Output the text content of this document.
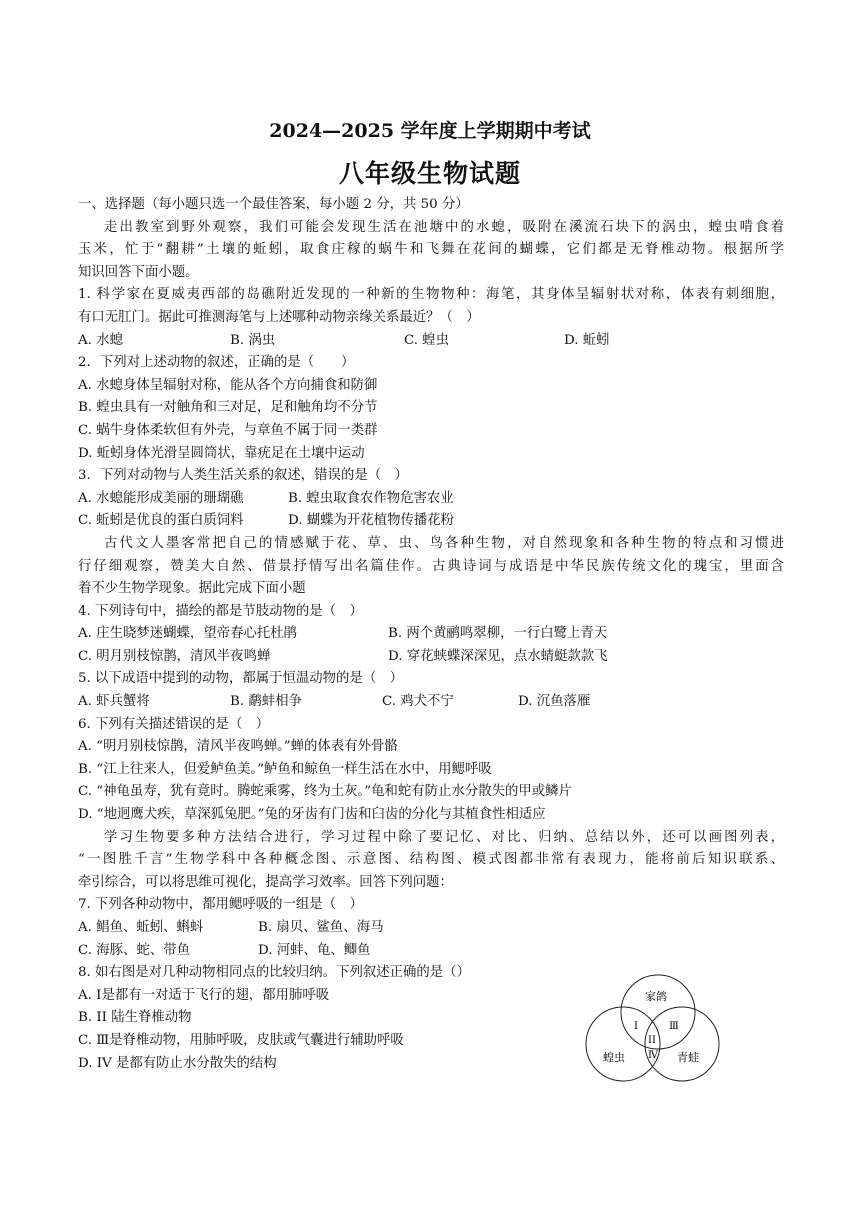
2024—2025 学年度上学期期中考试
八年级生物试题
一、选择题（每小题只选一个最佳答案，每小题 2 分，共 50 分）
走出教室到野外观察，我们可能会发现生活在池塘中的水螅，吸附在溪流石块下的涡虫，蝗虫啃食着
玉米，忙于“翻耕”土壤的蚯蚓，取食庄稼的蜗牛和飞舞在花间的蝴蝶，它们都是无脊椎动物。根据所学
知识回答下面小题。
1. 科学家在夏威夷西部的岛礁附近发现的一种新的生物物种：海笔，其身体呈辐射状对称，体表有刺细胞，
有口无肛门。据此可推测海笔与上述哪种动物亲缘关系最近？（　）
A. 水螅	B. 涡虫	C. 蝗虫	D. 蚯蚓
2．下列对上述动物的叙述，正确的是（　　）
A. 水螅身体呈辐射对称，能从各个方向捕食和防御
B. 蝗虫具有一对触角和三对足，足和触角均不分节
C. 蜗牛身体柔软但有外壳，与章鱼不属于同一类群
D. 蚯蚓身体光滑呈圆筒状，靠疣足在土壤中运动
3．下列对动物与人类生活关系的叙述，错误的是（　）
A. 水螅能形成美丽的珊瑚礁	B. 蝗虫取食农作物危害农业
C. 蚯蚓是优良的蛋白质饲料	D. 蝴蝶为开花植物传播花粉
古代文人墨客常把自己的情感赋于花、草、虫、鸟各种生物，对自然现象和各种生物的特点和习惯进
行仔细观察，赞美大自然、借景抒情写出名篇佳作。古典诗词与成语是中华民族传统文化的瑰宝，里面含
着不少生物学现象。据此完成下面小题
4. 下列诗句中，描绘的都是节肢动物的是（　）
A. 庄生晓梦迷蝴蝶，望帝春心托杜鹃	B. 两个黄鹂鸣翠柳，一行白鹭上青天
C. 明月别枝惊鹊，清风半夜鸣蝉	D. 穿花蛱蝶深深见，点水蜻蜓款款飞
5. 以下成语中提到的动物，都属于恒温动物的是（　）
A. 虾兵蟹将	B. 鹬蚌相争	C. 鸡犬不宁	D. 沉鱼落雁
6. 下列有关描述错误的是（　）
A. “明月别枝惊鹊，清风半夜鸣蝉。”蝉的体表有外骨骼
B. “江上往来人，但爱鲈鱼美。”鲈鱼和鲸鱼一样生活在水中，用鳃呼吸
C. “神龟虽寿，犹有竟时。腾蛇乘雾，终为土灰。”龟和蛇有防止水分散失的甲或鳞片
D. “地迥鹰犬疾，草深狐兔肥。”兔的牙齿有门齿和臼齿的分化与其植食性相适应
学习生物要多种方法结合进行，学习过程中除了要记忆、对比、归纳、总结以外，还可以画图列表，
“一图胜千言”生物学科中各种概念图、示意图、结构图、模式图都非常有表现力，能将前后知识联系、
牵引综合，可以将思维可视化，提高学习效率。回答下列问题：
7. 下列各种动物中，都用鳃呼吸的一组是（　）
A. 鲳鱼、蚯蚓、蝌蚪	B. 扇贝、鲨鱼、海马
C. 海豚、蛇、带鱼	D. 河蚌、龟、鲫鱼
8. 如右图是对几种动物相同点的比较归纳。下列叙述正确的是（）
A. Ⅰ是都有一对适于飞行的翅，都用肺呼吸
B. II 陆生脊椎动物
C. Ⅲ是脊椎动物，用肺呼吸，皮肤或气囊进行辅助呼吸
D. IV 是都有防止水分散失的结构
家鸽
蝗虫	青蛙
I	Ⅲ
II
Ⅳ
